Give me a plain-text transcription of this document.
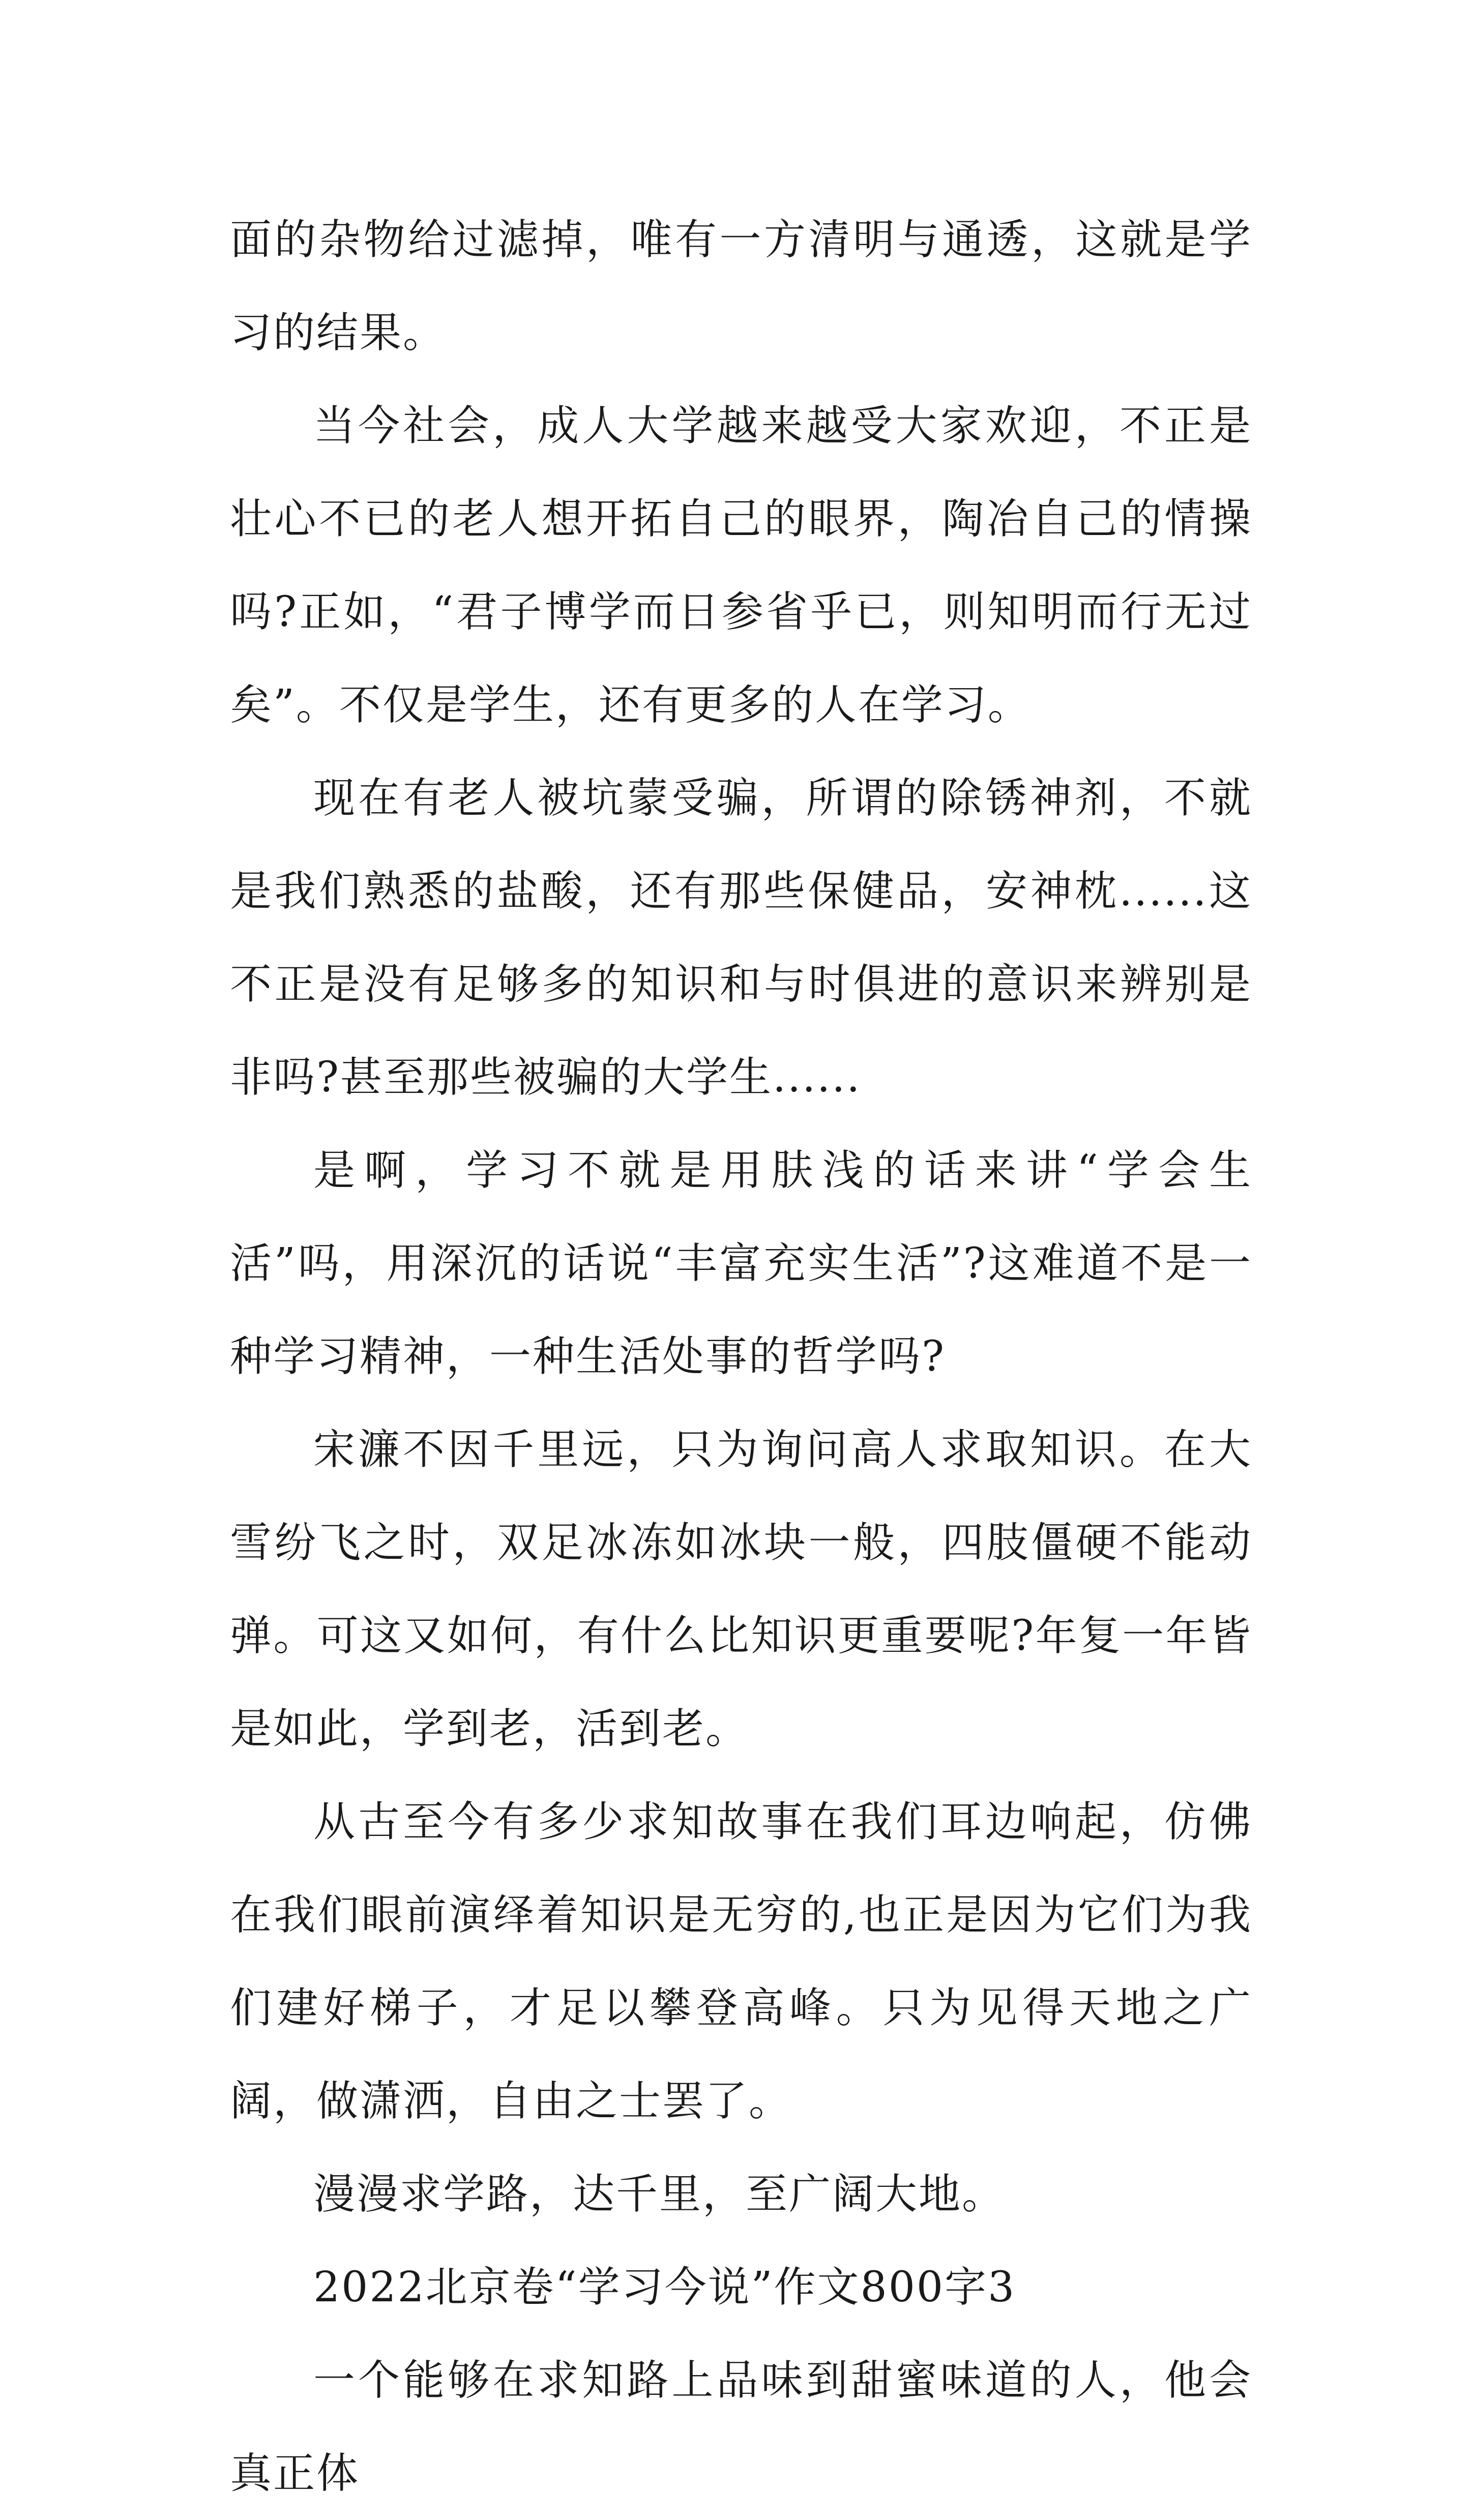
面的杂物给过滤掉，唯有一方清明与通透，这就是学习的结果。

当今社会，成人大学越来越受大家欢迎，不正是壮心不已的老人想开拓自己的眼界，陶冶自己的情操吗?正如，“君子博学而日参省乎已，则知明而行无过矣”。不仅是学生，还有更多的人在学习。

现在有老人被坑蒙受骗，所谓的除锈神剂，不就是我们熟悉的盐酸，还有那些保健品，安神枕......这不正是没有足够多的知识和与时俱进的意识来辨别是非吗?甚至那些被骗的大学生......

是啊，学习不就是用肤浅的话来讲“学会生活”吗，用深沉的话说“丰富充实生活”?这难道不是一种学习精神，一种生活处事的哲学吗?

宋濂不因千里远，只为询问高人求取知识。在大雪纷飞之时，双足冰冻如冰块一般，四肢僵硬不能动弹。可这又如何，有什么比知识更重要呢?年复一年皆是如此，学到老，活到老。

从古至今有多少求知故事在我们耳边响起，仿佛在我们眼前演绎着知识是无穷的,也正是因为它们为我们建好梯子，才足以攀登高峰。只为见得天地之广阔，做潇洒，自由之士罢了。

漫漫求学路，达千里，至广阔大地。

2022北京卷“学习今说”作文800字3

一个能够在求知路上品味到甜蜜味道的人，他会真正体
